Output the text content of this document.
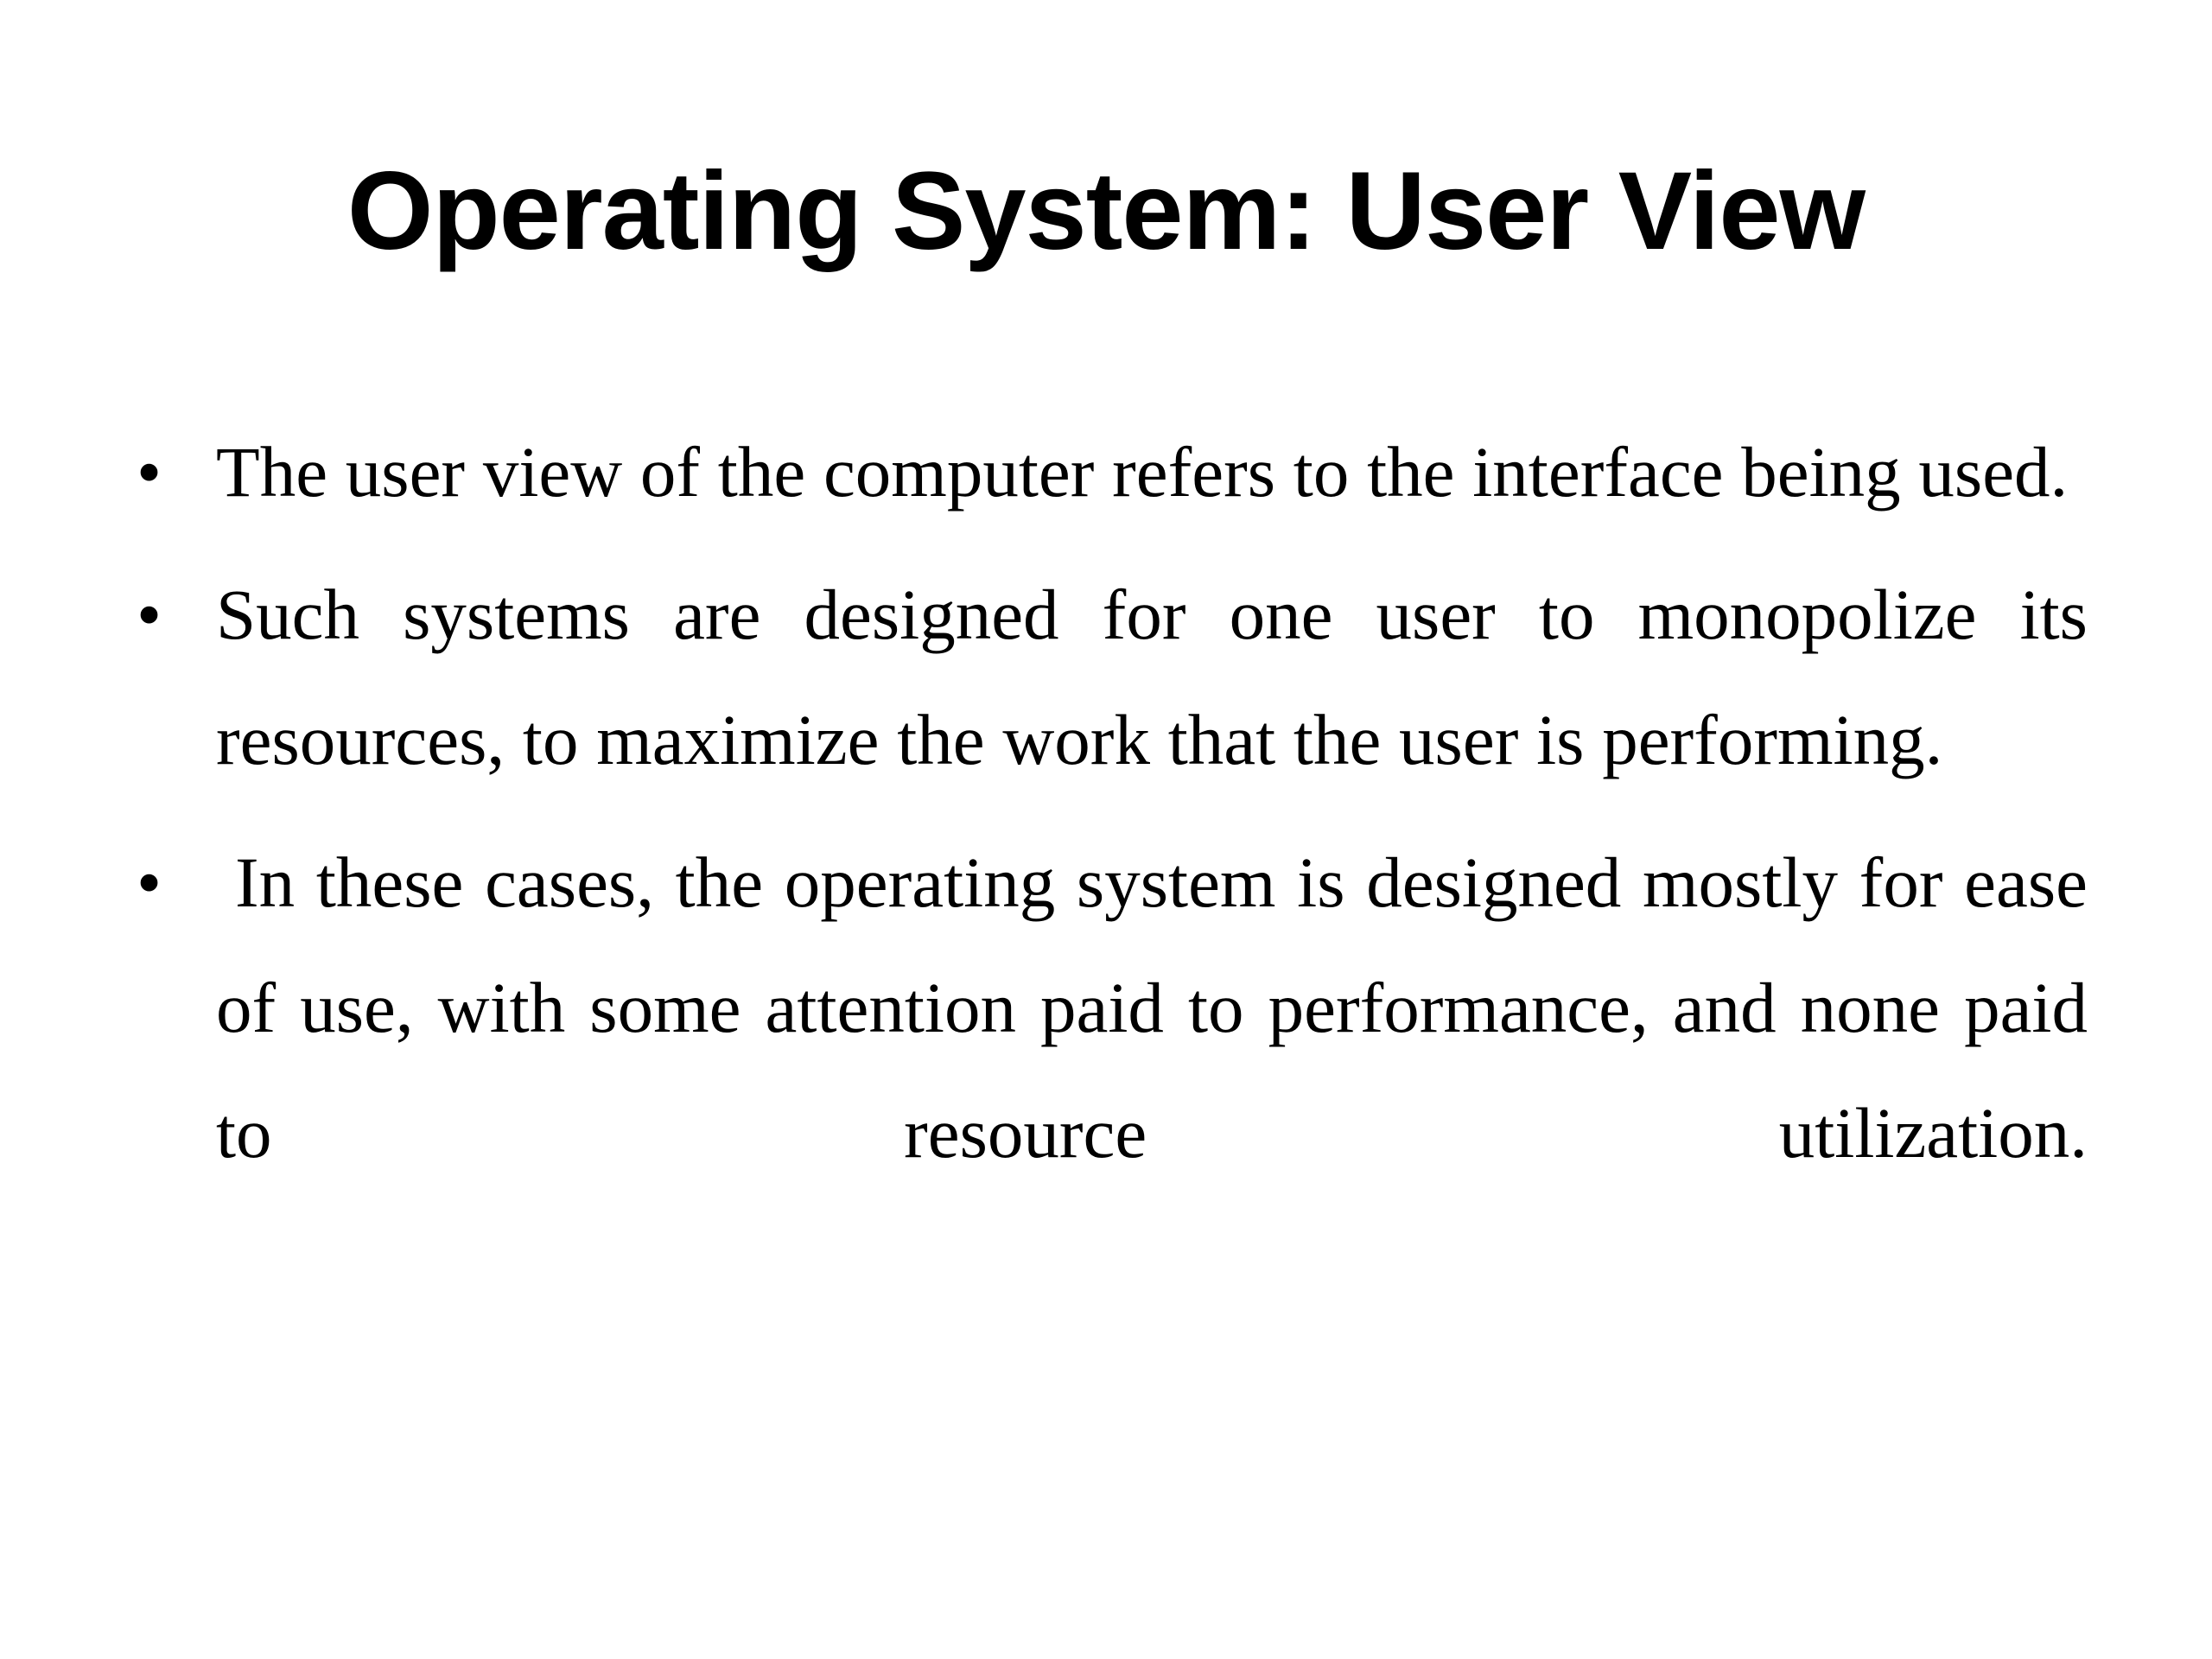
Operating System: User View
• The user view of the computer refers to the interface being used.
• Such systems are designed for one user to monopolize its resources, to maximize the work that the user is performing.
• In these cases, the operating system is designed mostly for ease of use, with some attention paid to performance, and none paid to resource utilization.
